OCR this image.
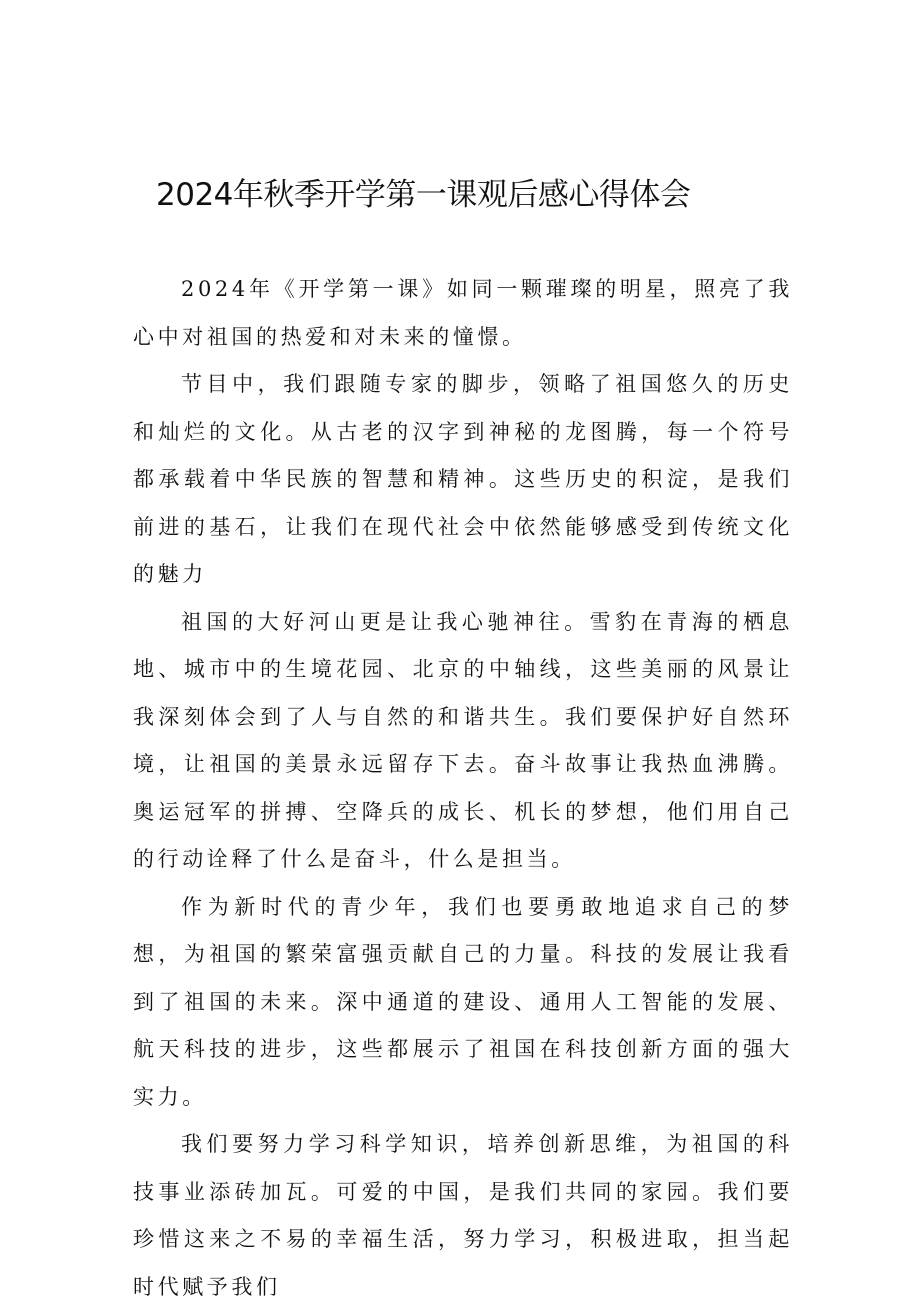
2024年秋季开学第一课观后感心得体会

2024年《开学第一课》如同一颗璀璨的明星，照亮了我心中对祖国的热爱和对未来的憧憬。

节目中，我们跟随专家的脚步，领略了祖国悠久的历史和灿烂的文化。从古老的汉字到神秘的龙图腾，每一个符号都承载着中华民族的智慧和精神。这些历史的积淀，是我们前进的基石，让我们在现代社会中依然能够感受到传统文化的魅力

祖国的大好河山更是让我心驰神往。雪豹在青海的栖息地、城市中的生境花园、北京的中轴线，这些美丽的风景让我深刻体会到了人与自然的和谐共生。我们要保护好自然环境，让祖国的美景永远留存下去。奋斗故事让我热血沸腾。奥运冠军的拼搏、空降兵的成长、机长的梦想，他们用自己的行动诠释了什么是奋斗，什么是担当。

作为新时代的青少年，我们也要勇敢地追求自己的梦想，为祖国的繁荣富强贡献自己的力量。科技的发展让我看到了祖国的未来。深中通道的建设、通用人工智能的发展、航天科技的进步，这些都展示了祖国在科技创新方面的强大实力。

我们要努力学习科学知识，培养创新思维，为祖国的科技事业添砖加瓦。可爱的中国，是我们共同的家园。我们要珍惜这来之不易的幸福生活，努力学习，积极进取，担当起时代赋予我们
